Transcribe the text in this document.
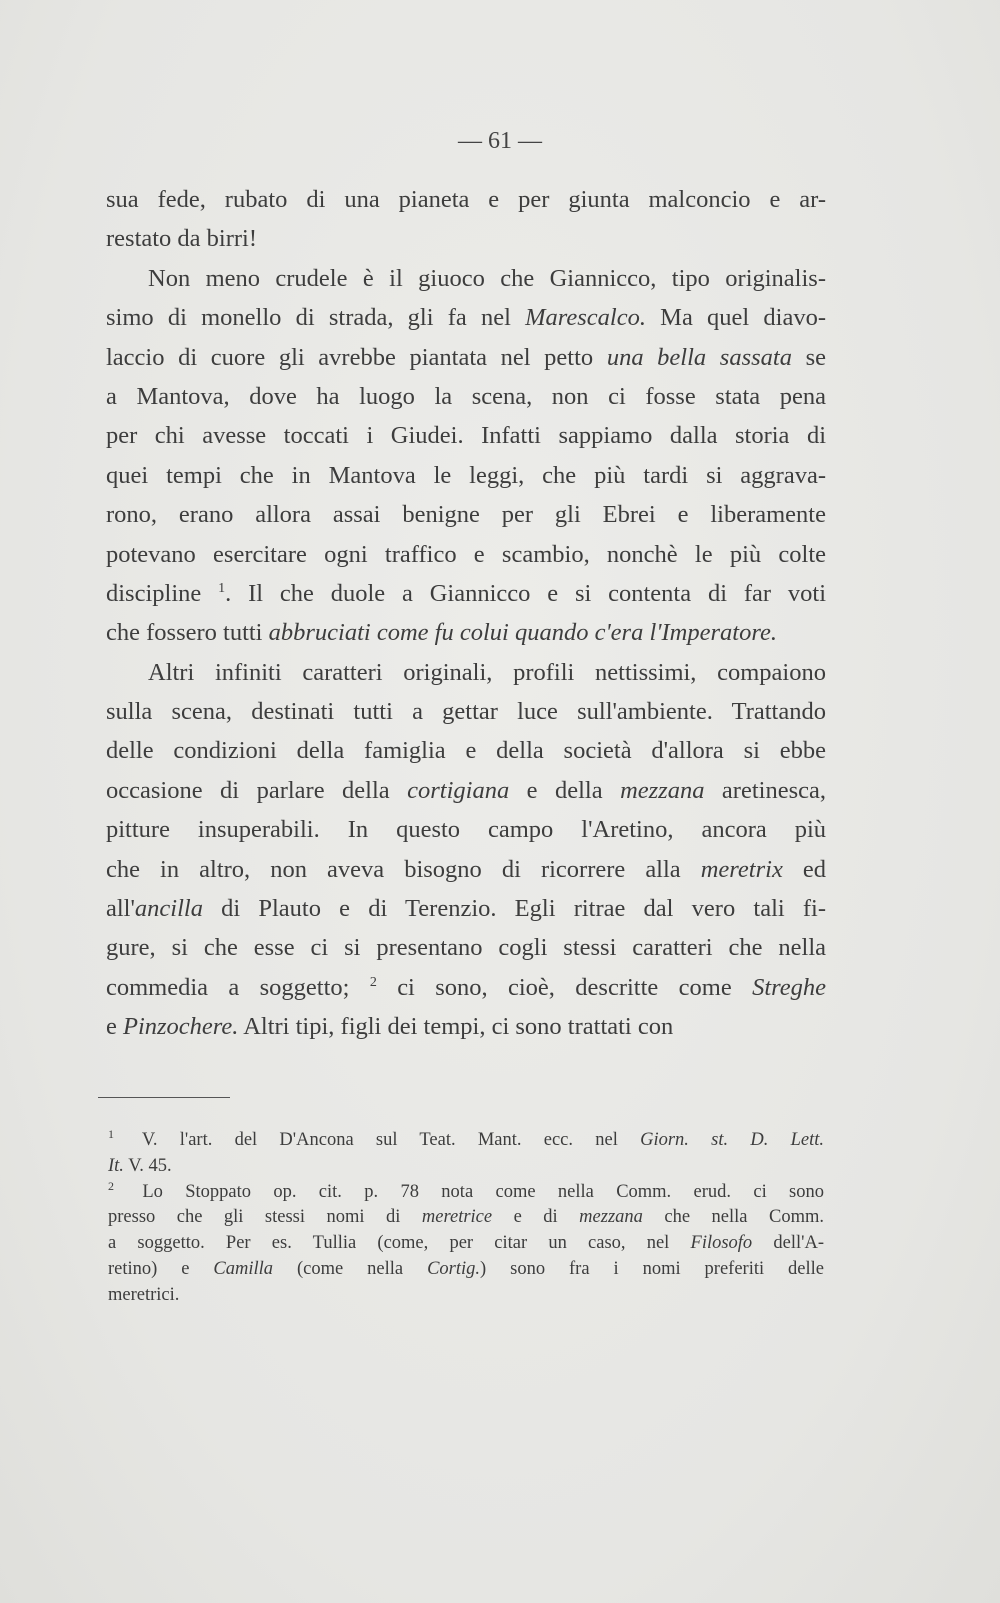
— 61 —
sua fede, rubato di una pianeta e per giunta malconcio e ar-
restato da birri!
Non meno crudele è il giuoco che Giannicco, tipo originalis-
simo di monello di strada, gli fa nel Marescalco. Ma quel diavo-
laccio di cuore gli avrebbe piantata nel petto una bella sassata se
a Mantova, dove ha luogo la scena, non ci fosse stata pena
per chi avesse toccati i Giudei. Infatti sappiamo dalla storia di
quei tempi che in Mantova le leggi, che più tardi si aggrava-
rono, erano allora assai benigne per gli Ebrei e liberamente
potevano esercitare ogni traffico e scambio, nonchè le più colte
discipline $^1$. Il che duole a Giannicco e si contenta di far voti
che fossero tutti abbruciati come fu colui quando c'era l'Imperatore.
Altri infiniti caratteri originali, profili nettissimi, compaiono
sulla scena, destinati tutti a gettar luce sull'ambiente. Trattando
delle condizioni della famiglia e della società d'allora si ebbe
occasione di parlare della cortigiana e della mezzana aretinesca,
pitture insuperabili. In questo campo l'Aretino, ancora più
che in altro, non aveva bisogno di ricorrere alla meretrix ed
all'ancilla di Plauto e di Terenzio. Egli ritrae dal vero tali fi-
gure, si che esse ci si presentano cogli stessi caratteri che nella
commedia a soggetto; $^2$ ci sono, cioè, descritte come Streghe
e Pinzochere. Altri tipi, figli dei tempi, ci sono trattati con
$^1$ V. l'art. del D'Ancona sul Teat. Mant. ecc. nel Giorn. st. D. Lett.
It. V. 45.
$^2$ Lo Stoppato op. cit. p. 78 nota come nella Comm. erud. ci sono
presso che gli stessi nomi di meretrice e di mezzana che nella Comm.
a soggetto. Per es. Tullia (come, per citar un caso, nel Filosofo dell'A-
retino) e Camilla (come nella Cortig.) sono fra i nomi preferiti delle
meretrici.
